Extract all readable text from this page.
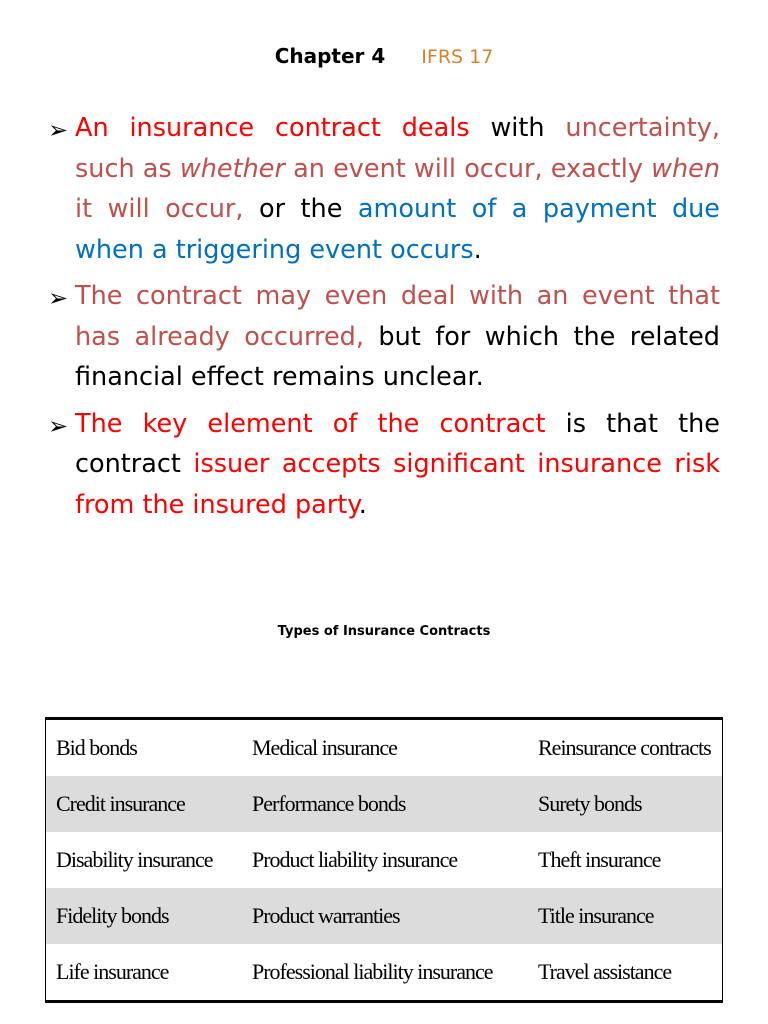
Chapter 4 IFRS 17
➢ An insurance contract deals with uncertainty, such as whether an event will occur, exactly when it will occur, or the amount of a payment due when a triggering event occurs.
➢ The contract may even deal with an event that has already occurred, but for which the related financial effect remains unclear.
➢ The key element of the contract is that the contract issuer accepts significant insurance risk from the insured party.
Types of Insurance Contracts
Bid bonds	Medical insurance	Reinsurance contracts
Credit insurance	Performance bonds	Surety bonds
Disability insurance	Product liability insurance	Theft insurance
Fidelity bonds	Product warranties	Title insurance
Life insurance	Professional liability insurance	Travel assistance
